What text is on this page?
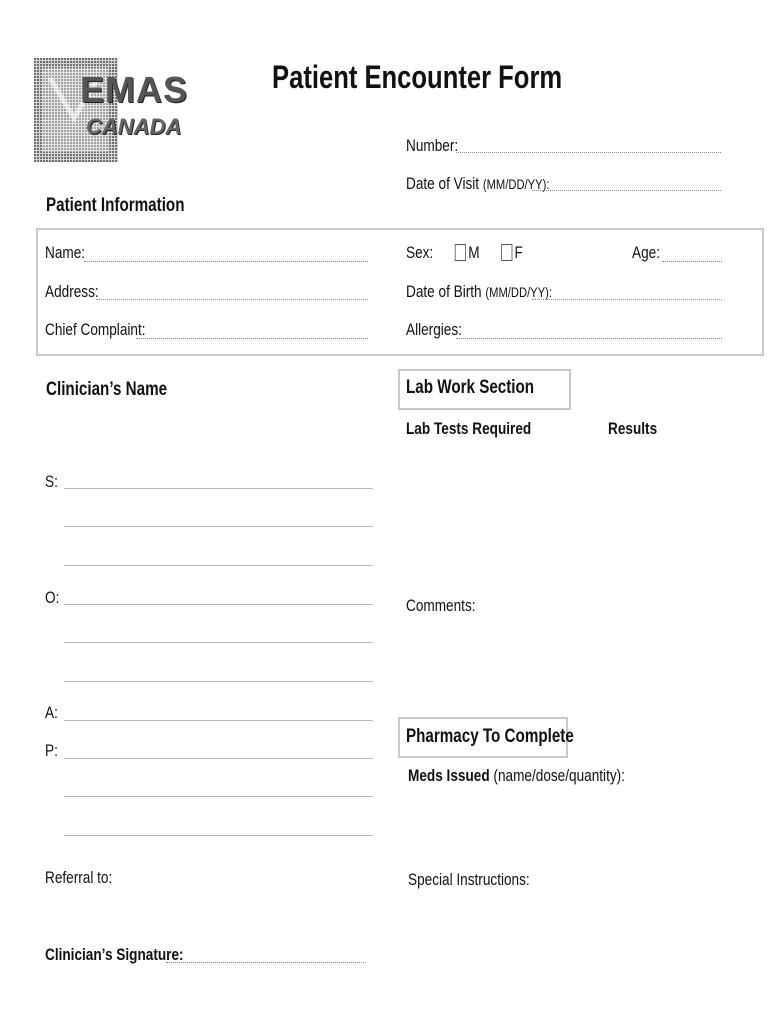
EMAS
CANADA
Patient Encounter Form
Number:
Date of Visit (MM/DD/YY):
Patient Information
Name:
Address:
Chief Complaint:
Sex: M F	Age:
Date of Birth (MM/DD/YY):
Allergies:
Clinician’s Name
S:
O:
A:
P:
Referral to:
Clinician’s Signature:
Lab Work Section
Lab Tests Required	Results
Comments:
Pharmacy To Complete
Meds Issued (name/dose/quantity):
Special Instructions:
